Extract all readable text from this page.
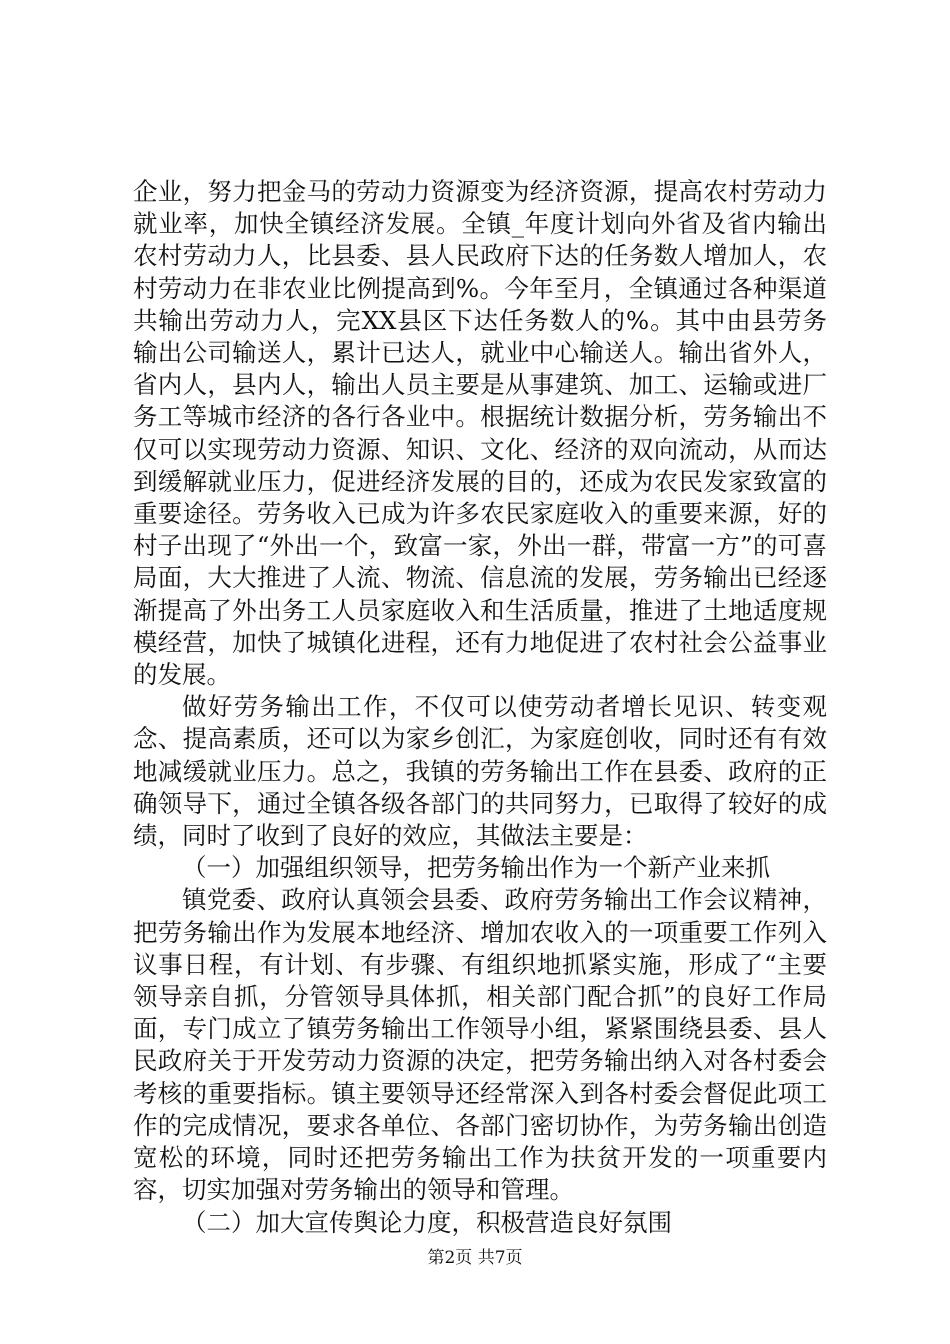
企业，努力把金马的劳动力资源变为经济资源，提高农村劳动力就业率，加快全镇经济发展。全镇_年度计划向外省及省内输出农村劳动力人，比县委、县人民政府下达的任务数人增加人，农村劳动力在非农业比例提高到%。今年至月，全镇通过各种渠道共输出劳动力人，完XX县区下达任务数人的%。其中由县劳务输出公司输送人，累计已达人，就业中心输送人。输出省外人，省内人，县内人，输出人员主要是从事建筑、加工、运输或进厂务工等城市经济的各行各业中。根据统计数据分析，劳务输出不仅可以实现劳动力资源、知识、文化、经济的双向流动，从而达到缓解就业压力，促进经济发展的目的，还成为农民发家致富的重要途径。劳务收入已成为许多农民家庭收入的重要来源，好的村子出现了“外出一个，致富一家，外出一群，带富一方”的可喜局面，大大推进了人流、物流、信息流的发展，劳务输出已经逐渐提高了外出务工人员家庭收入和生活质量，推进了土地适度规模经营，加快了城镇化进程，还有力地促进了农村社会公益事业的发展。

做好劳务输出工作，不仅可以使劳动者增长见识、转变观念、提高素质，还可以为家乡创汇，为家庭创收，同时还有有效地减缓就业压力。总之，我镇的劳务输出工作在县委、政府的正确领导下，通过全镇各级各部门的共同努力，已取得了较好的成绩，同时了收到了良好的效应，其做法主要是：

（一）加强组织领导，把劳务输出作为一个新产业来抓

镇党委、政府认真领会县委、政府劳务输出工作会议精神，把劳务输出作为发展本地经济、增加农收入的一项重要工作列入议事日程，有计划、有步骤、有组织地抓紧实施，形成了“主要领导亲自抓，分管领导具体抓，相关部门配合抓”的良好工作局面，专门成立了镇劳务输出工作领导小组，紧紧围绕县委、县人民政府关于开发劳动力资源的决定，把劳务输出纳入对各村委会考核的重要指标。镇主要领导还经常深入到各村委会督促此项工作的完成情况，要求各单位、各部门密切协作，为劳务输出创造宽松的环境，同时还把劳务输出工作为扶贫开发的一项重要内容，切实加强对劳务输出的领导和管理。

（二）加大宣传舆论力度，积极营造良好氛围

第2页 共7页
